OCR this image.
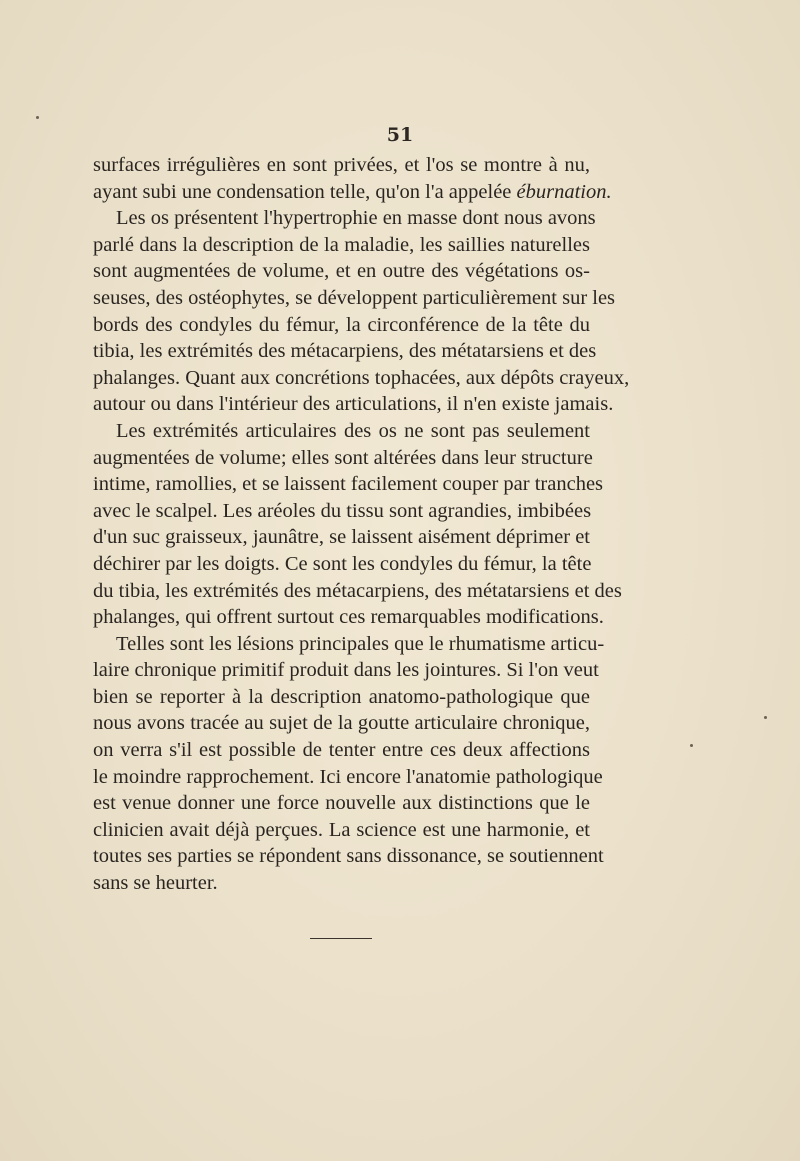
51
surfaces irrégulières en sont privées, et l'os se montre à nu,
ayant subi une condensation telle, qu'on l'a appelée éburnation.
Les os présentent l'hypertrophie en masse dont nous avons
parlé dans la description de la maladie, les saillies naturelles
sont augmentées de volume, et en outre des végétations os-
seuses, des ostéophytes, se développent particulièrement sur les
bords des condyles du fémur, la circonférence de la tête du
tibia, les extrémités des métacarpiens, des métatarsiens et des
phalanges. Quant aux concrétions tophacées, aux dépôts crayeux,
autour ou dans l'intérieur des articulations, il n'en existe jamais.
Les extrémités articulaires des os ne sont pas seulement
augmentées de volume; elles sont altérées dans leur structure
intime, ramollies, et se laissent facilement couper par tranches
avec le scalpel. Les aréoles du tissu sont agrandies, imbibées
d'un suc graisseux, jaunâtre, se laissent aisément déprimer et
déchirer par les doigts. Ce sont les condyles du fémur, la tête
du tibia, les extrémités des métacarpiens, des métatarsiens et des
phalanges, qui offrent surtout ces remarquables modifications.
Telles sont les lésions principales que le rhumatisme articu-
laire chronique primitif produit dans les jointures. Si l'on veut
bien se reporter à la description anatomo-pathologique que
nous avons tracée au sujet de la goutte articulaire chronique,
on verra s'il est possible de tenter entre ces deux affections
le moindre rapprochement. Ici encore l'anatomie pathologique
est venue donner une force nouvelle aux distinctions que le
clinicien avait déjà perçues. La science est une harmonie, et
toutes ses parties se répondent sans dissonance, se soutiennent
sans se heurter.
